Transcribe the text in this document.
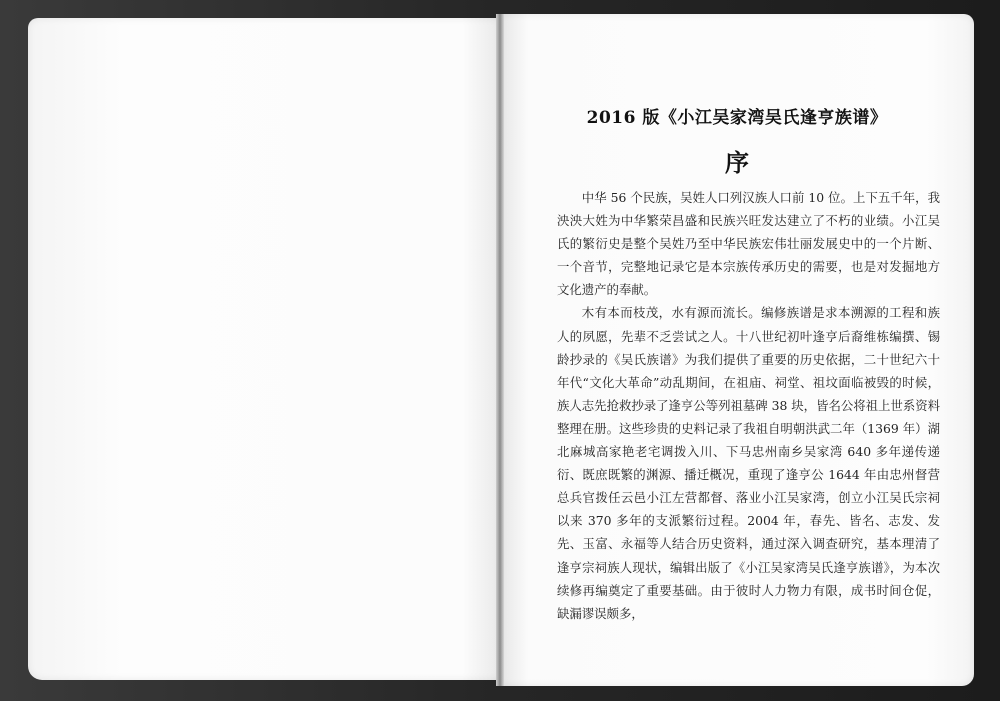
2016 版《小江吴家湾吴氏逢亨族谱》
序

中华 56 个民族，吴姓人口列汉族人口前 10 位。上下五千年，我泱泱大姓为中华繁荣昌盛和民族兴旺发达建立了不朽的业绩。小江吴氏的繁衍史是整个吴姓乃至中华民族宏伟壮丽发展史中的一个片断、一个音节，完整地记录它是本宗族传承历史的需要，也是对发掘地方文化遗产的奉献。

木有本而枝茂，水有源而流长。编修族谱是求本溯源的工程和族人的夙愿，先辈不乏尝试之人。十八世纪初叶逢亨后裔维栋编撰、锡龄抄录的《吴氏族谱》为我们提供了重要的历史依据，二十世纪六十年代“文化大革命”动乱期间，在祖庙、祠堂、祖坟面临被毁的时候，族人志先抢救抄录了逢亨公等列祖墓碑 38 块，皆名公将祖上世系资料整理在册。这些珍贵的史料记录了我祖自明朝洪武二年（1369 年）湖北麻城高家艳老宅调拨入川、下马忠州南乡吴家湾 640 多年递传递衍、既庶既繁的渊源、播迁概况，重现了逢亨公 1644 年由忠州督营总兵官拨任云邑小江左营都督、落业小江吴家湾，创立小江吴氏宗祠以来 370 多年的支派繁衍过程。2004 年，春先、皆名、志发、发先、玉富、永福等人结合历史资料，通过深入调查研究，基本理清了逢亨宗祠族人现状，编辑出版了《小江吴家湾吴氏逢亨族谱》，为本次续修再编奠定了重要基础。由于彼时人力物力有限，成书时间仓促，缺漏谬误颇多，
